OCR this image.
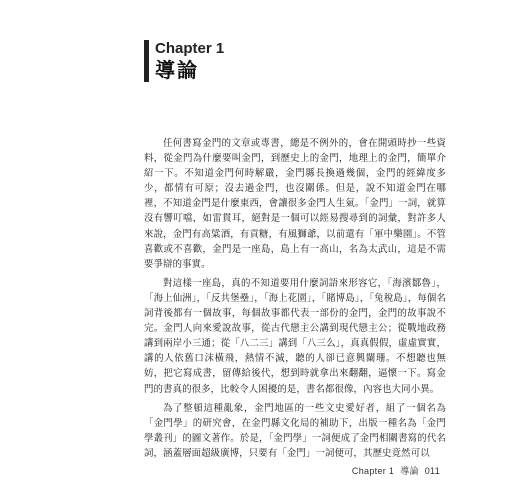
Chapter 1
導論

任何書寫金門的文章或專書，總是不例外的，會在開頭時抄一些資料，從金門為什麼要叫金門，到歷史上的金門，地理上的金門，簡單介紹一下。不知道金門何時解嚴，金門縣長換過幾個，金門的經緯度多少，都情有可原；沒去過金門，也沒關係。但是，說不知道金門在哪裡，不知道金門是什麼東西，會讓很多金門人生氣。「金門」一詞，就算沒有響叮噹，如雷貫耳，絕對是一個可以經易搜尋到的詞彙，對許多人來說，金門有高粱酒，有貢糖，有風獅爺，以前還有「軍中樂園」。不管喜歡或不喜歡，金門是一座島，島上有一高山，名為太武山，這是不需要爭辯的事實。

對這樣一座島，真的不知道要用什麼詞語來形容它，「海濱鄒魯」，「海上仙洲」，「反共堡壘」，「海上花園」，「賭博島」，「兔稅島」，每個名詞背後都有一個故事，每個故事都代表一部份的金門，金門的故事說不完。金門人向來愛說故事，從古代戀主公講到現代戀主公；從戰地政務講到兩岸小三通；從「八二三」講到「八三么」，真真假假，虛虛實實，講的人依舊口沫橫飛，熱情不減，聽的人卻已意興闌珊。不想聽也無妨，把它寫成書，留傳給後代，想到時就拿出來翻翻，逼懷一下。寫金門的書真的很多，比較令人困擾的是，書名都很像，內容也大同小異。

為了整頓這種亂象，金門地區的一些文史愛好者，組了一個名為「金門學」的研究會，在金門縣文化局的補助下，出版一種名為「金門學叢刊」的圖文著作。於是，「金門學」一詞便成了金門相關書寫的代名詞，涵蓋層面超級廣博，只要有「金門」一詞便可，其歷史竟然可以

Chapter 1 導論 011
